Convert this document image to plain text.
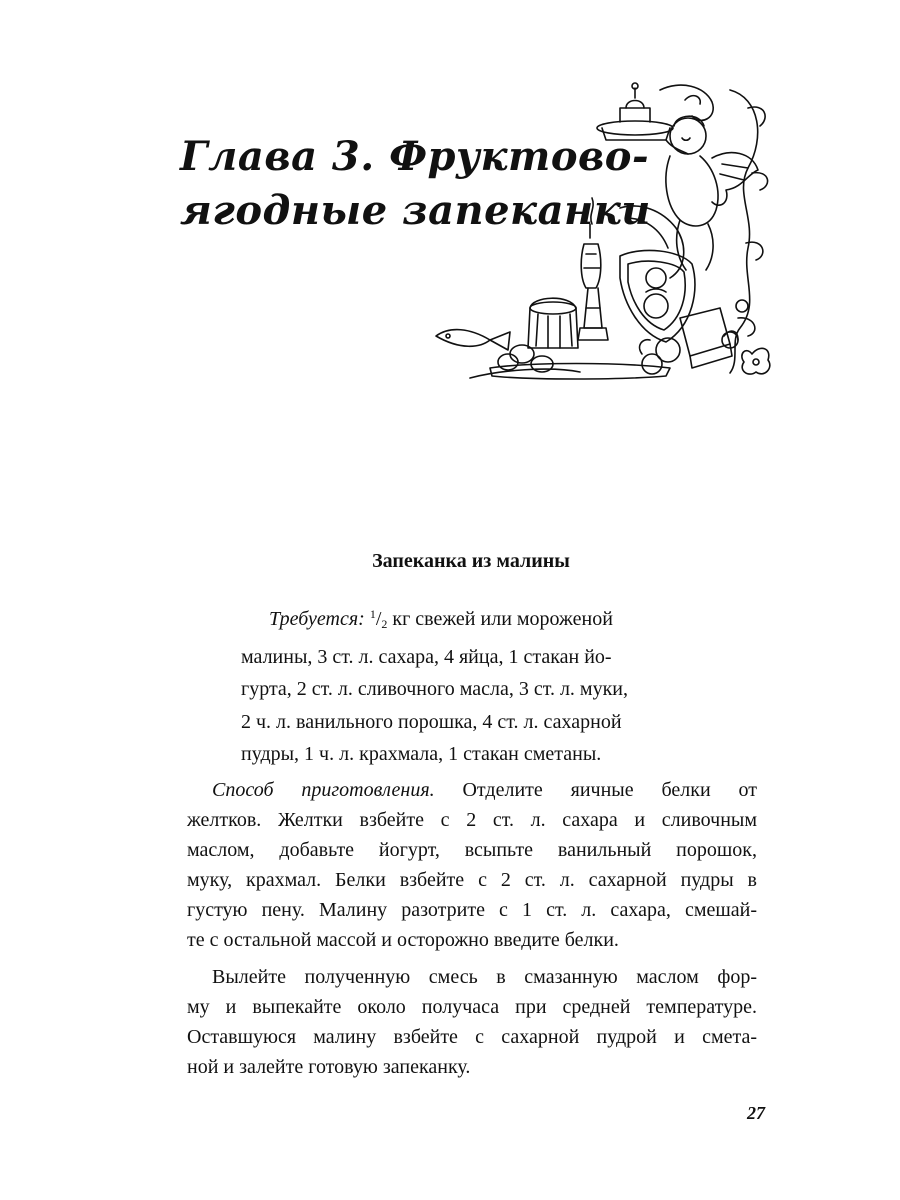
Глава 3. Фруктово-
ягодные запеканки
Запеканка из малины
Требуется: $^1/_2$ кг свежей или мороженой
малины, 3 ст. л. сахара, 4 яйца, 1 стакан йо-
гурта, 2 ст. л. сливочного масла, 3 ст. л. муки,
2 ч. л. ванильного порошка, 4 ст. л. сахарной
пудры, 1 ч. л. крахмала, 1 стакан сметаны.
Способ приготовления. Отделите яичные белки от
желтков. Желтки взбейте с 2 ст. л. сахара и сливочным
маслом, добавьте йогурт, всыпьте ванильный порошок,
муку, крахмал. Белки взбейте с 2 ст. л. сахарной пудры в
густую пену. Малину разотрите с 1 ст. л. сахара, смешай-
те с остальной массой и осторожно введите белки.
Вылейте полученную смесь в смазанную маслом фор-
му и выпекайте около получаса при средней температуре.
Оставшуюся малину взбейте с сахарной пудрой и смета-
ной и залейте готовую запеканку.
27
